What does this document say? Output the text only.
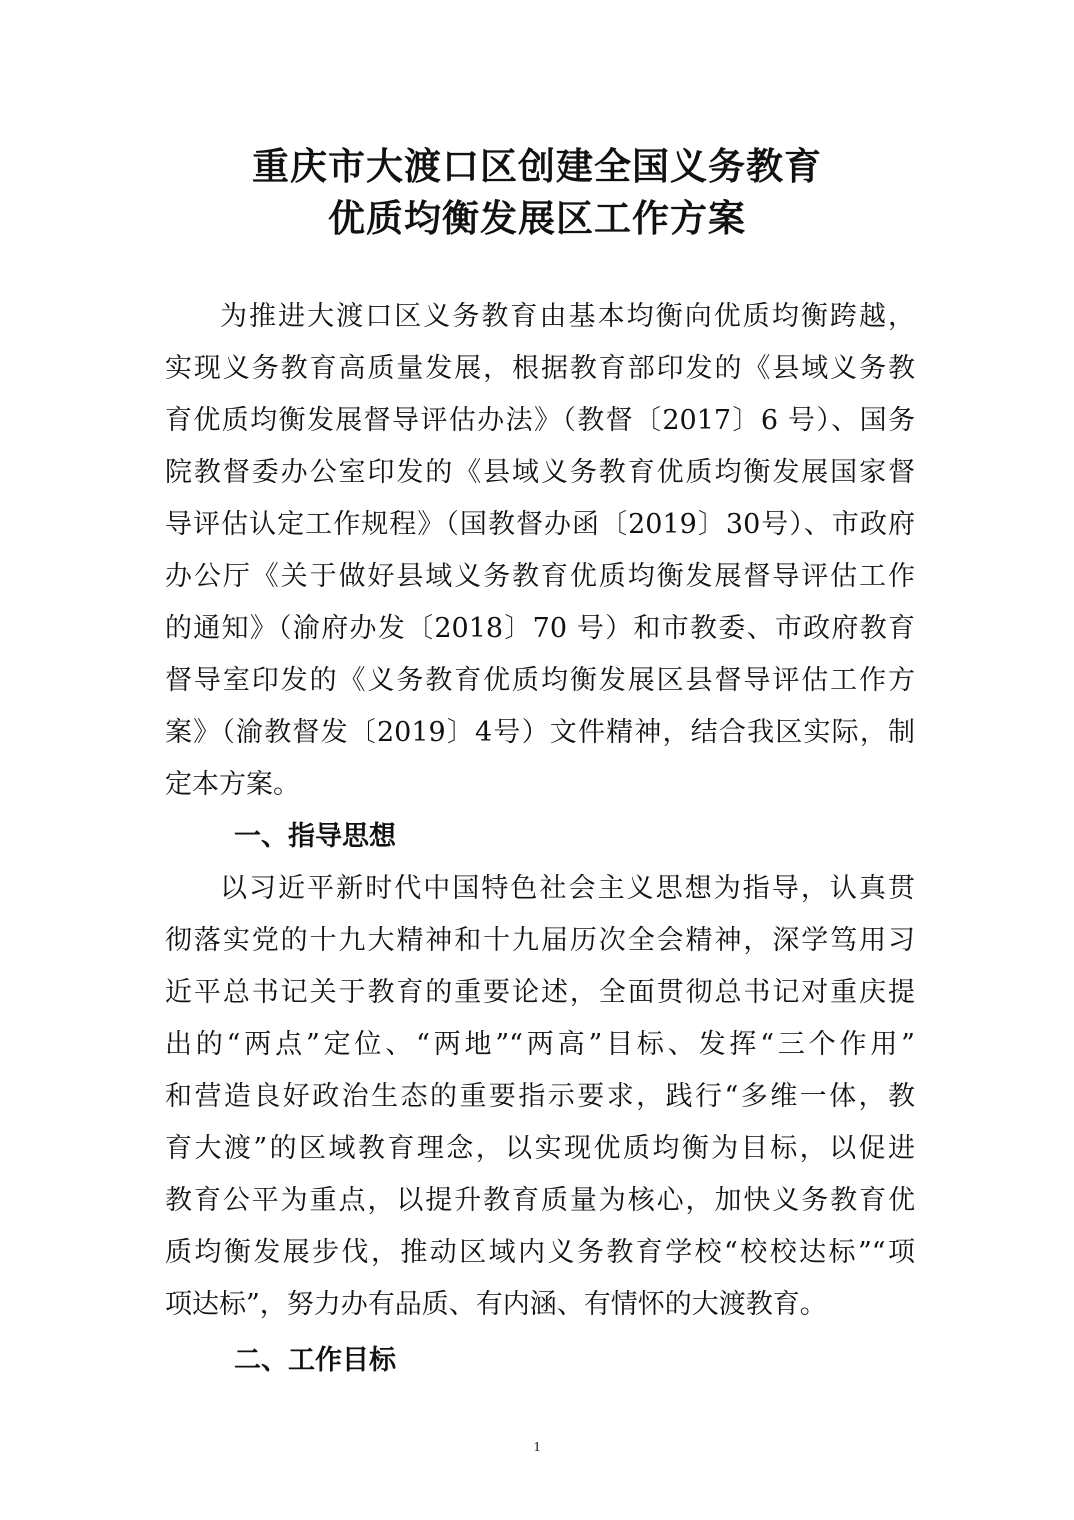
重庆市大渡口区创建全国义务教育
优质均衡发展区工作方案

为推进大渡口区义务教育由基本均衡向优质均衡跨越，

实现义务教育高质量发展，根据教育部印发的《县域义务教

育优质均衡发展督导评估办法》（教督〔2017〕6 号）、国务

院教督委办公室印发的《县域义务教育优质均衡发展国家督

导评估认定工作规程》（国教督办函〔2019〕30号）、市政府

办公厅《关于做好县域义务教育优质均衡发展督导评估工作

的通知》（渝府办发〔2018〕70 号）和市教委、市政府教育

督导室印发的《义务教育优质均衡发展区县督导评估工作方

案》（渝教督发〔2019〕4号）文件精神，结合我区实际，制

定本方案。

一、指导思想

以习近平新时代中国特色社会主义思想为指导，认真贯

彻落实党的十九大精神和十九届历次全会精神，深学笃用习

近平总书记关于教育的重要论述，全面贯彻总书记对重庆提

出的“两点”定位、“两地”“两高”目标、发挥“三个作用”

和营造良好政治生态的重要指示要求，践行“多维一体，教

育大渡”的区域教育理念，以实现优质均衡为目标，以促进

教育公平为重点，以提升教育质量为核心，加快义务教育优

质均衡发展步伐，推动区域内义务教育学校“校校达标”“项

项达标”，努力办有品质、有内涵、有情怀的大渡教育。

二、工作目标
1
